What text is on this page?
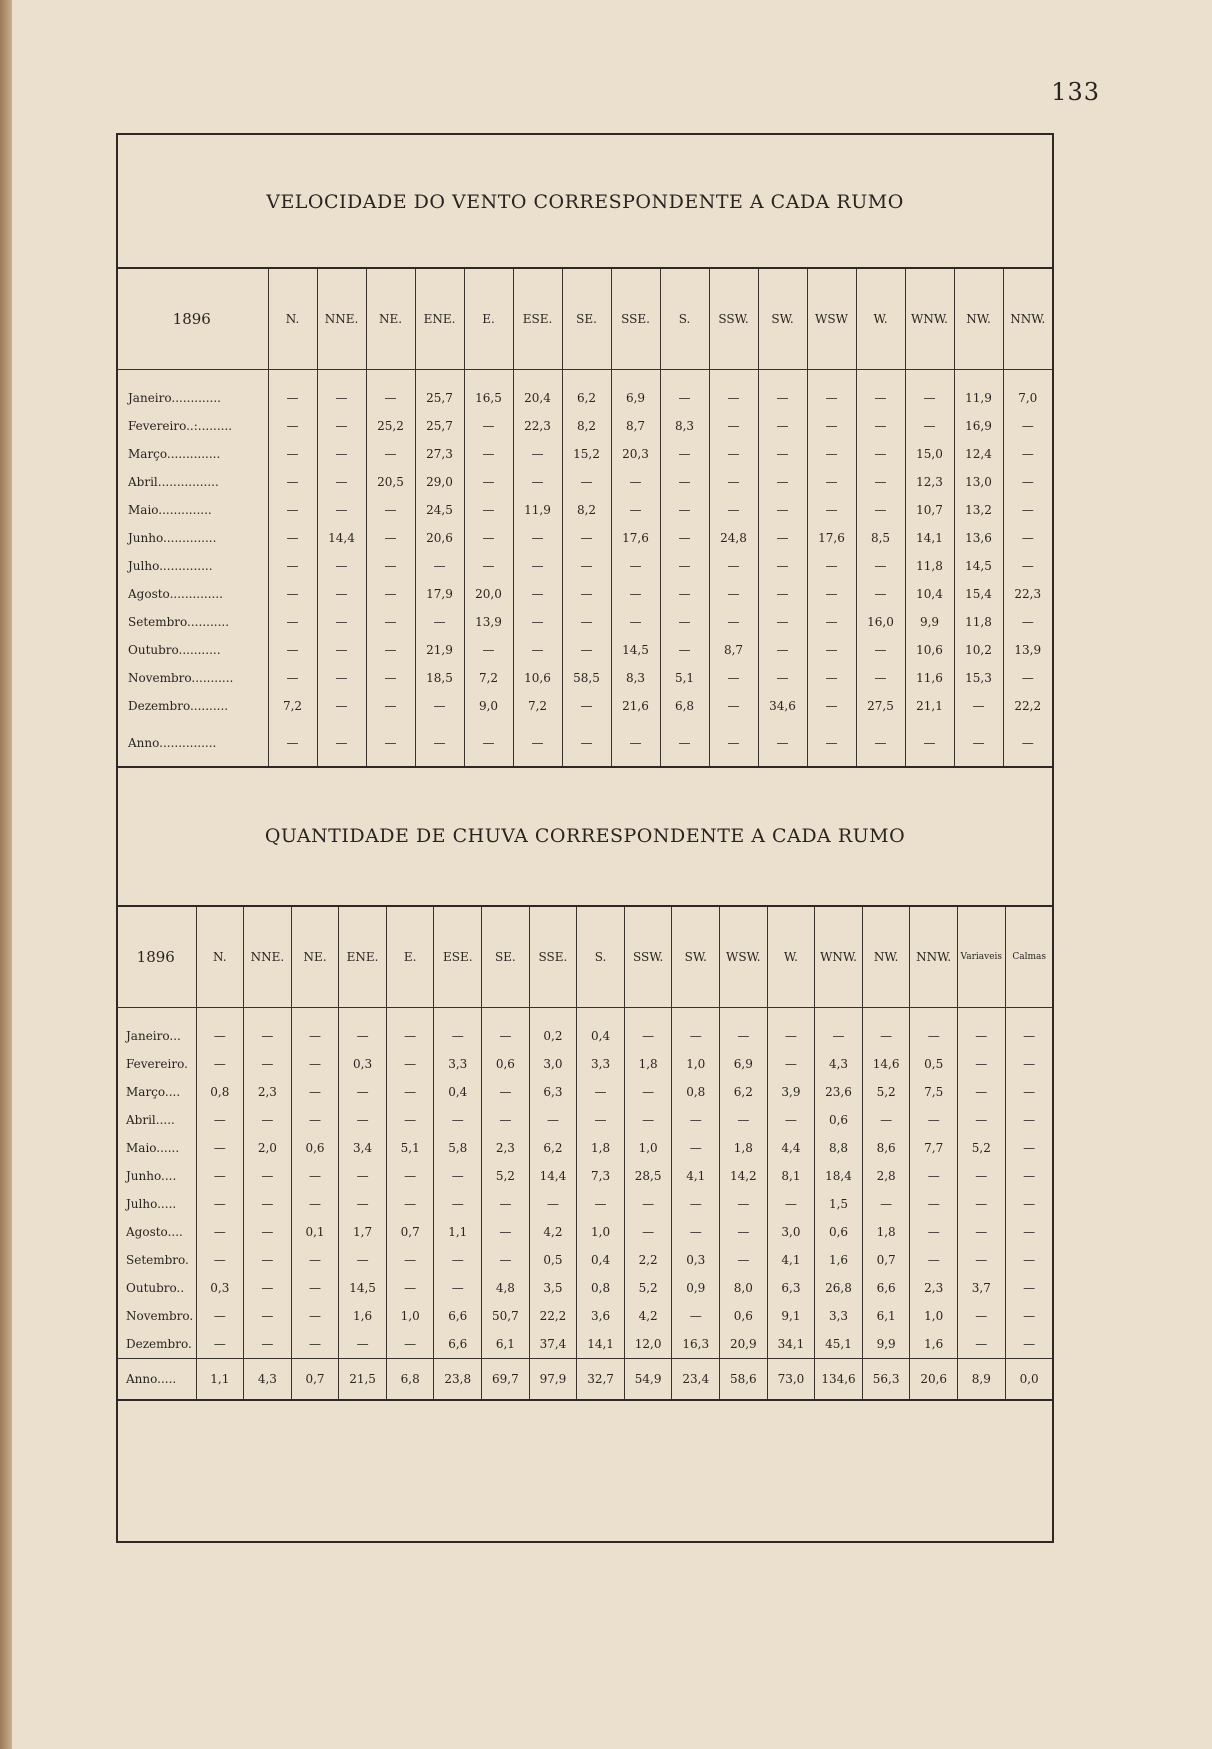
133
VELOCIDADE DO VENTO CORRESPONDENTE A CADA RUMO
1896	N.	NNE.	NE.	ENE.	E.	ESE.	SE.	SSE.	S.	SSW.	SW.	WSW	W.	WNW.	NW.	NNW.
Janeiro.............	—	—	—	25,7	16,5	20,4	6,2	6,9	—	—	—	—	—	—	11,9	7,0
Fevereiro..:.........	—	—	25,2	25,7	—	22,3	8,2	8,7	8,3	—	—	—	—	—	16,9	—
Março..............	—	—	—	27,3	—	—	15,2	20,3	—	—	—	—	—	15,0	12,4	—
Abril................	—	—	20,5	29,0	—	—	—	—	—	—	—	—	—	12,3	13,0	—
Maio..............	—	—	—	24,5	—	11,9	8,2	—	—	—	—	—	—	10,7	13,2	—
Junho..............	—	14,4	—	20,6	—	—	—	17,6	—	24,8	—	17,6	8,5	14,1	13,6	—
Julho..............	—	—	—	—	—	—	—	—	—	—	—	—	—	11,8	14,5	—
Agosto..............	—	—	—	17,9	20,0	—	—	—	—	—	—	—	—	10,4	15,4	22,3
Setembro...........	—	—	—	—	13,9	—	—	—	—	—	—	—	16,0	9,9	11,8	—
Outubro...........	—	—	—	21,9	—	—	—	14,5	—	8,7	—	—	—	10,6	10,2	13,9
Novembro...........	—	—	—	18,5	7,2	10,6	58,5	8,3	5,1	—	—	—	—	11,6	15,3	—
Dezembro..........	7,2	—	—	—	9,0	7,2	—	21,6	6,8	—	34,6	—	27,5	21,1	—	22,2
Anno...............	—	—	—	—	—	—	—	—	—	—	—	—	—	—	—	—
QUANTIDADE DE CHUVA CORRESPONDENTE A CADA RUMO
1896	N.	NNE.	NE.	ENE.	E.	ESE.	SE.	SSE.	S.	SSW.	SW.	WSW.	W.	WNW.	NW.	NNW.	Variaveis	Calmas
Janeiro...	—	—	—	—	—	—	—	0,2	0,4	—	—	—	—	—	—	—	—	—
Fevereiro.	—	—	—	0,3	—	3,3	0,6	3,0	3,3	1,8	1,0	6,9	—	4,3	14,6	0,5	—	—
Março....	0,8	2,3	—	—	—	0,4	—	6,3	—	—	0,8	6,2	3,9	23,6	5,2	7,5	—	—
Abril.....	—	—	—	—	—	—	—	—	—	—	—	—	—	0,6	—	—	—	—
Maio......	—	2,0	0,6	3,4	5,1	5,8	2,3	6,2	1,8	1,0	—	1,8	4,4	8,8	8,6	7,7	5,2	—
Junho....	—	—	—	—	—	—	5,2	14,4	7,3	28,5	4,1	14,2	8,1	18,4	2,8	—	—	—
Julho.....	—	—	—	—	—	—	—	—	—	—	—	—	—	1,5	—	—	—	—
Agosto....	—	—	0,1	1,7	0,7	1,1	—	4,2	1,0	—	—	—	3,0	0,6	1,8	—	—	—
Setembro.	—	—	—	—	—	—	—	0,5	0,4	2,2	0,3	—	4,1	1,6	0,7	—	—	—
Outubro..	0,3	—	—	14,5	—	—	4,8	3,5	0,8	5,2	0,9	8,0	6,3	26,8	6,6	2,3	3,7	—
Novembro.	—	—	—	1,6	1,0	6,6	50,7	22,2	3,6	4,2	—	0,6	9,1	3,3	6,1	1,0	—	—
Dezembro.	—	—	—	—	—	6,6	6,1	37,4	14,1	12,0	16,3	20,9	34,1	45,1	9,9	1,6	—	—
Anno.....	1,1	4,3	0,7	21,5	6,8	23,8	69,7	97,9	32,7	54,9	23,4	58,6	73,0	134,6	56,3	20,6	8,9	0,0
